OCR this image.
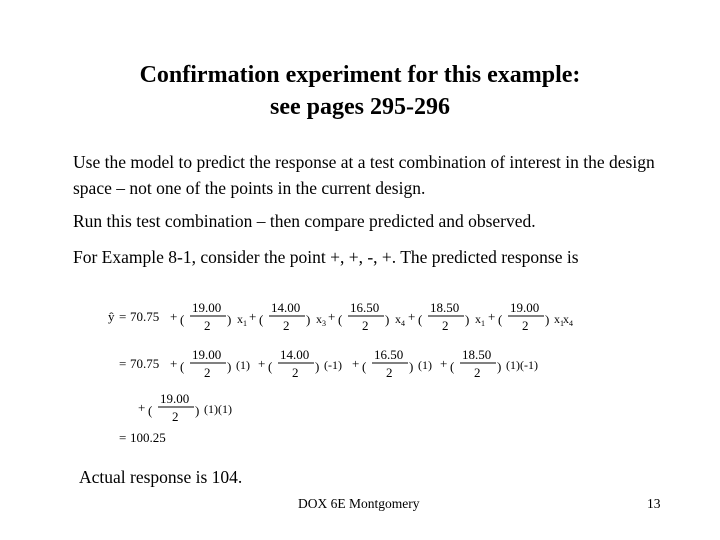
Confirmation experiment for this example:
see pages 295-296
Use the model to predict the response at a test combination of interest in the design space – not one of the points in the current design.
Run this test combination – then compare predicted and observed.
For Example 8-1, consider the point +, +, -, +. The predicted response is
ŷ = 70.75 + (
19.00
2 ) x 1 + (
14.00
2 ) x 3 + (
16.50
2 ) x 4 + (
18.50
2 ) x 1 + (
19.00
2 ) x 1 x 4
= 70.75 + (
19.00
2 ) (1) + (
14.00
2 ) (-1) + (
16.50
2 ) (1) + (
18.50
2 ) (1)(-1)
+ (
19.00
2 ) (1)(1)
= 100.25
Actual response is 104.
DOX 6E Montgomery	13
